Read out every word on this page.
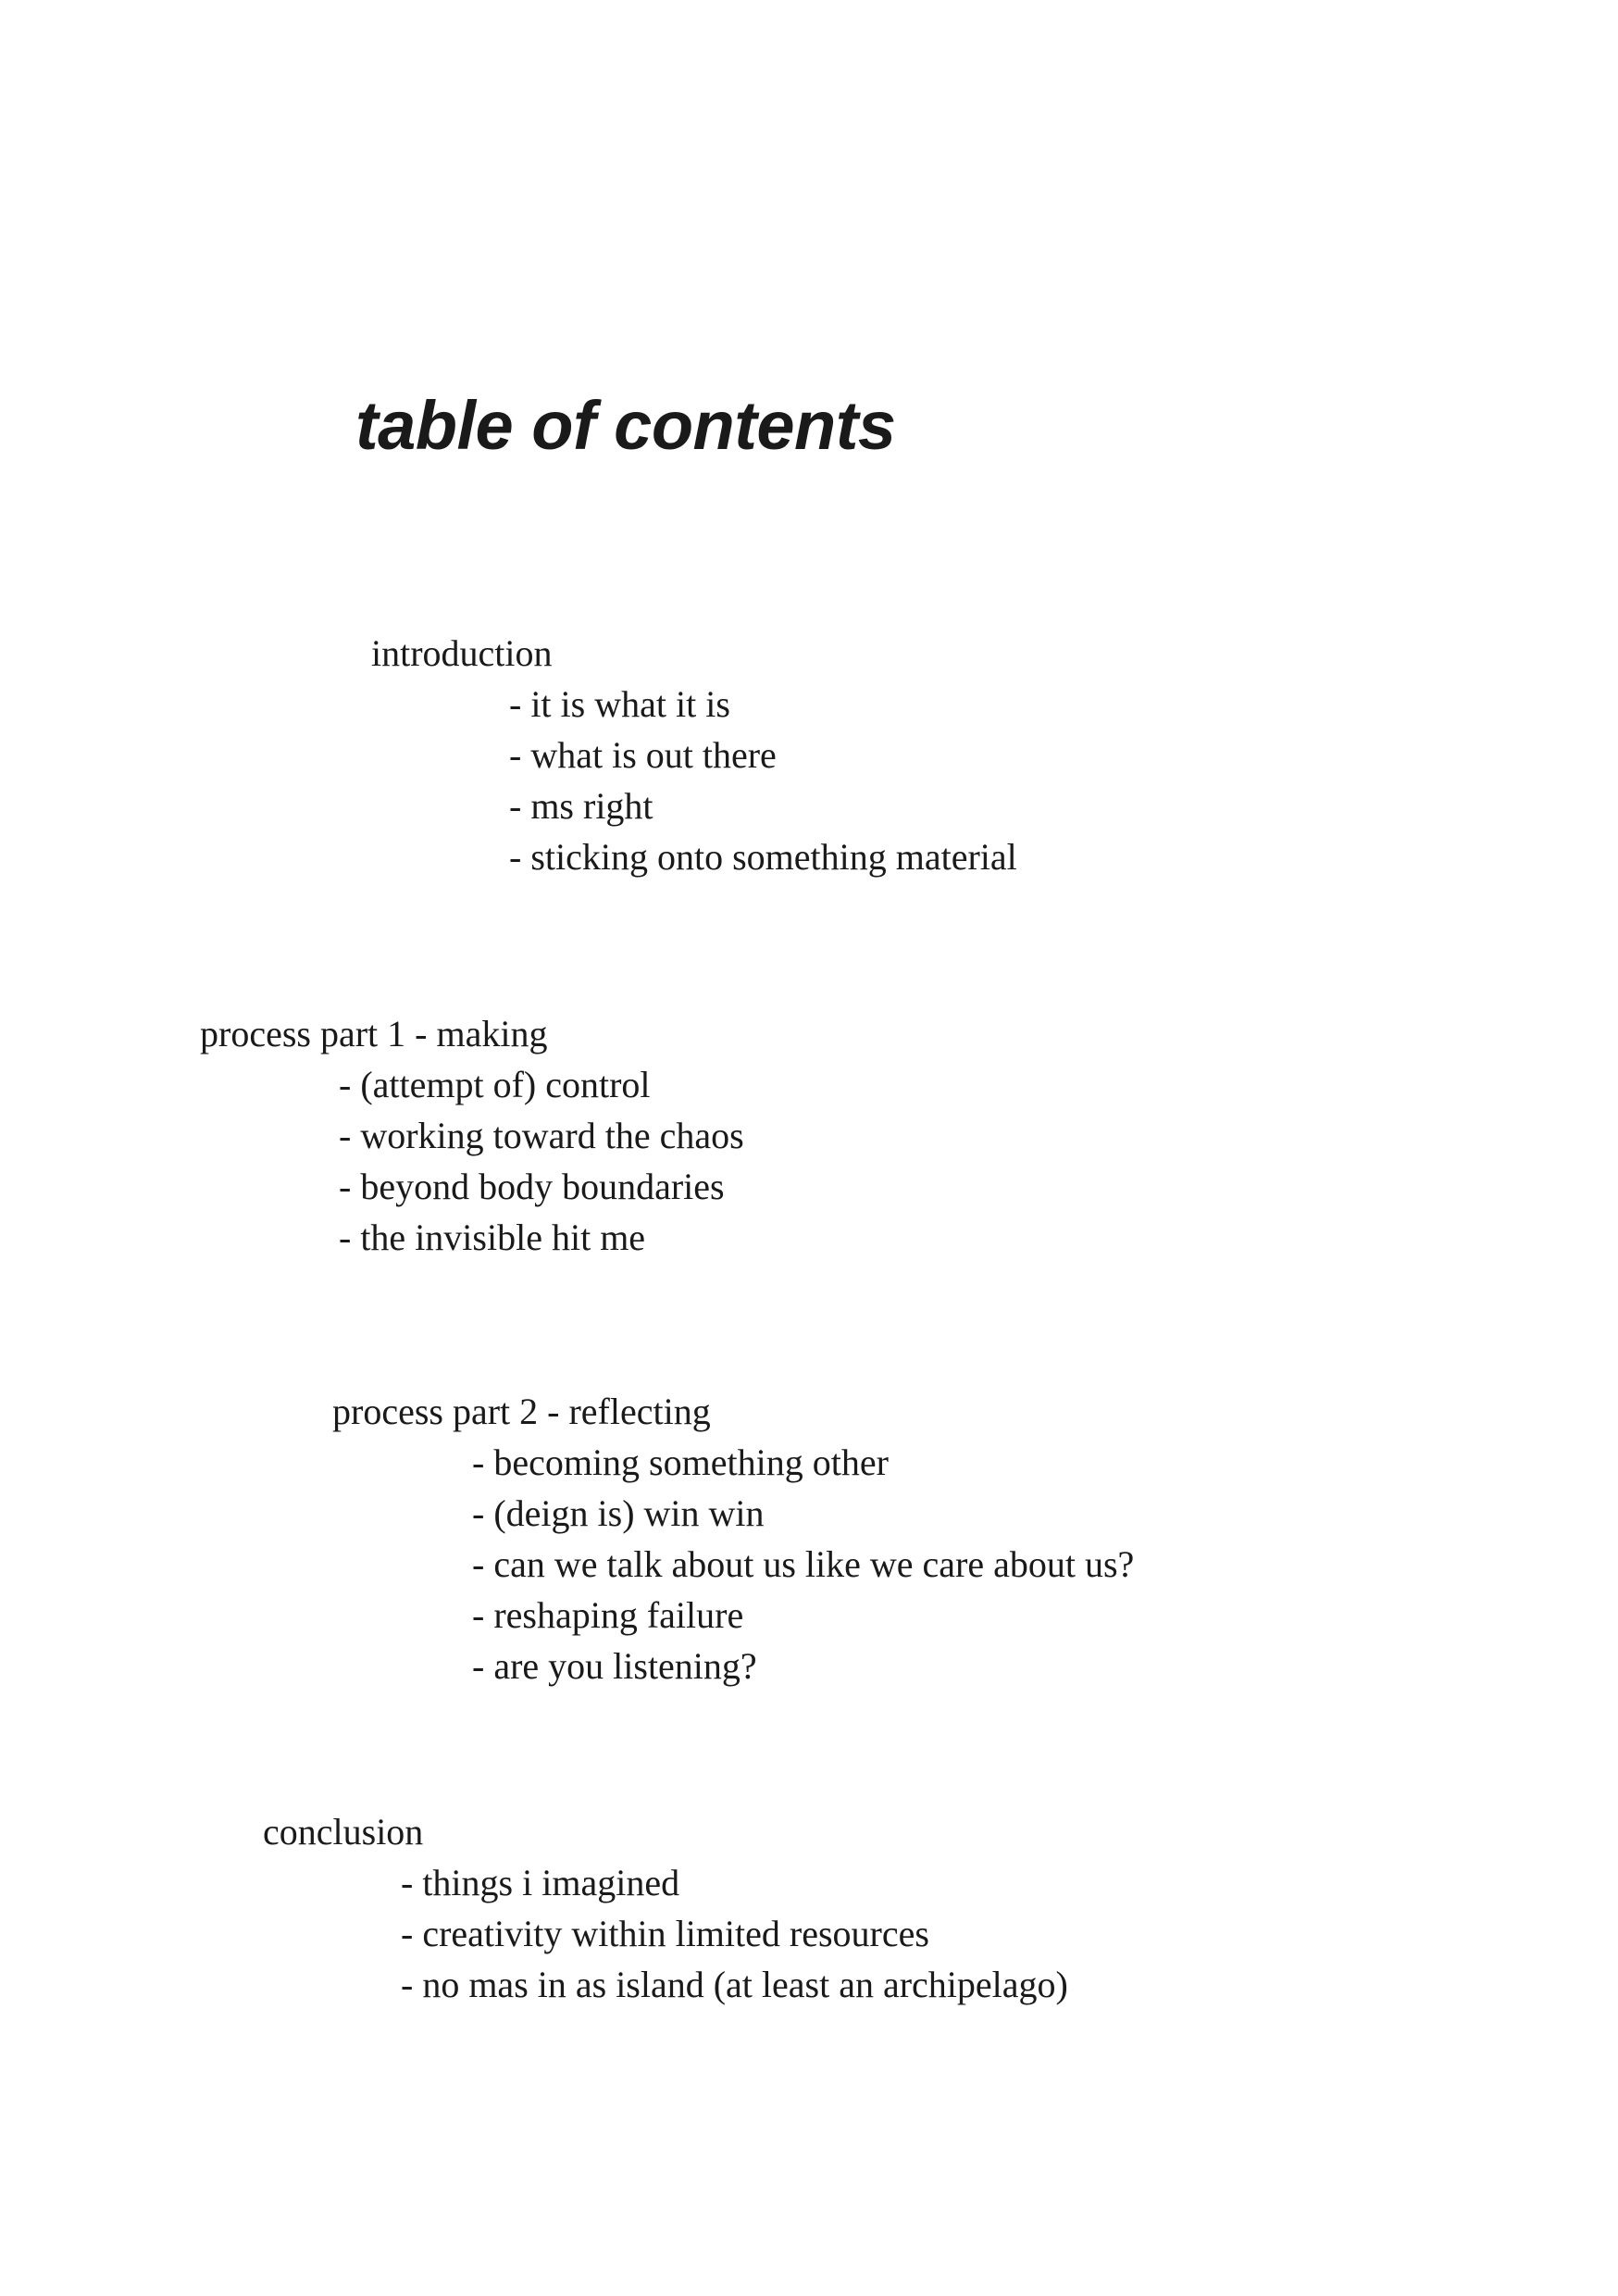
table of contents
introduction
- it is what it is
- what is out there
- ms right
- sticking onto something material
process part 1 - making
- (attempt of) control
- working toward the chaos
- beyond body boundaries
- the invisible hit me
process part 2 - reflecting
- becoming something other
- (deign is) win win
- can we talk about us like we care about us?
- reshaping failure
- are you listening?
conclusion
- things i imagined
- creativity within limited resources
- no mas in as island (at least an archipelago)
